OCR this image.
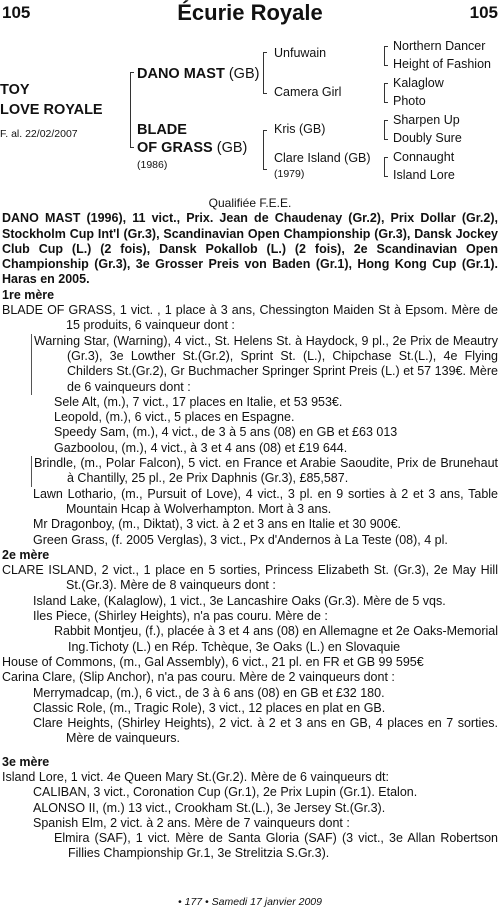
105	Écurie Royale	105
TOY
LOVE ROYALE
F. al. 22/02/2007
DANO MAST (GB)
BLADE
OF GRASS (GB)
(1986)
Unfuwain
Camera Girl
Kris (GB)
Clare Island (GB)
(1979)
Northern Dancer
Height of Fashion
Kalaglow
Photo
Sharpen Up
Doubly Sure
Connaught
Island Lore

Qualifiée F.E.E.

DANO MAST (1996), 11 vict., Prix. Jean de Chaudenay (Gr.2), Prix Dollar (Gr.2), Stockholm Cup Int'l (Gr.3), Scandinavian Open Championship (Gr.3), Dansk Jockey Club Cup (L.) (2 fois), Dansk Pokallob (L.) (2 fois), 2e Scandinavian Open Championship (Gr.3), 3e Grosser Preis von Baden (Gr.1), Hong Kong Cup (Gr.1). Haras en 2005.

1re mère

BLADE OF GRASS, 1 vict. , 1 place à 3 ans, Chessington Maiden St à Epsom. Mère de 15 produits, 6 vainqueur dont :

Warning Star, (Warning), 4 vict., St. Helens St. à Haydock, 9 pl., 2e Prix de Meautry (Gr.3), 3e Lowther St.(Gr.2), Sprint St. (L.), Chipchase St.(L.), 4e Flying Childers St.(Gr.2), Gr Buchmacher Springer Sprint Preis (L.) et 57 139€. Mère de 6 vainqueurs dont :

Sele Alt, (m.), 7 vict., 17 places en Italie, et 53 953€.

Leopold, (m.), 6 vict., 5 places en Espagne.

Speedy Sam, (m.), 4 vict., de 3 à 5 ans (08) en GB et £63 013

Gazboolou, (m.), 4 vict., à 3 et 4 ans (08) et £19 644.

Brindle, (m., Polar Falcon), 5 vict. en France et Arabie Saoudite, Prix de Brunehaut à Chantilly, 25 pl., 2e Prix Daphnis (Gr.3), £85,587.

Lawn Lothario, (m., Pursuit of Love), 4 vict., 3 pl. en 9 sorties à 2 et 3 ans, Table Mountain Hcap à Wolverhampton. Mort à 3 ans.

Mr Dragonboy, (m., Diktat), 3 vict. à 2 et 3 ans en Italie et 30 900€.

Green Grass, (f. 2005 Verglas), 3 vict., Px d'Andernos à La Teste (08), 4 pl.

2e mère

CLARE ISLAND, 2 vict., 1 place en 5 sorties, Princess Elizabeth St. (Gr.3), 2e May Hill St.(Gr.3). Mère de 8 vainqueurs dont :

Island Lake, (Kalaglow), 1 vict., 3e Lancashire Oaks (Gr.3). Mère de 5 vqs.

Iles Piece, (Shirley Heights), n'a pas couru. Mère de :

Rabbit Montjeu, (f.), placée à 3 et 4 ans (08) en Allemagne et 2e Oaks-Memorial Ing.Tichoty (L.) en Rép. Tchèque, 3e Oaks (L.) en Slovaquie

House of Commons, (m., Gal Assembly), 6 vict., 21 pl. en FR et GB 99 595€

Carina Clare, (Slip Anchor), n'a pas couru. Mère de 2 vainqueurs dont :

Merrymadcap, (m.), 6 vict., de 3 à 6 ans (08) en GB et £32 180.

Classic Role, (m., Tragic Role), 3 vict., 12 places en plat en GB.

Clare Heights, (Shirley Heights), 2 vict. à 2 et 3 ans en GB, 4 places en 7 sorties. Mère de vainqueurs.

3e mère

Island Lore, 1 vict. 4e Queen Mary St.(Gr.2). Mère de 6 vainqueurs dt:

CALIBAN, 3 vict., Coronation Cup (Gr.1), 2e Prix Lupin (Gr.1). Etalon.

ALONSO II, (m.) 13 vict., Crookham St.(L.), 3e Jersey St.(Gr.3).

Spanish Elm, 2 vict. à 2 ans. Mère de 7 vainqueurs dont :

Elmira (SAF), 1 vict. Mère de Santa Gloria (SAF) (3 vict., 3e Allan Robertson Fillies Championship Gr.1, 3e Strelitzia S.Gr.3).

• 177 • Samedi 17 janvier 2009
